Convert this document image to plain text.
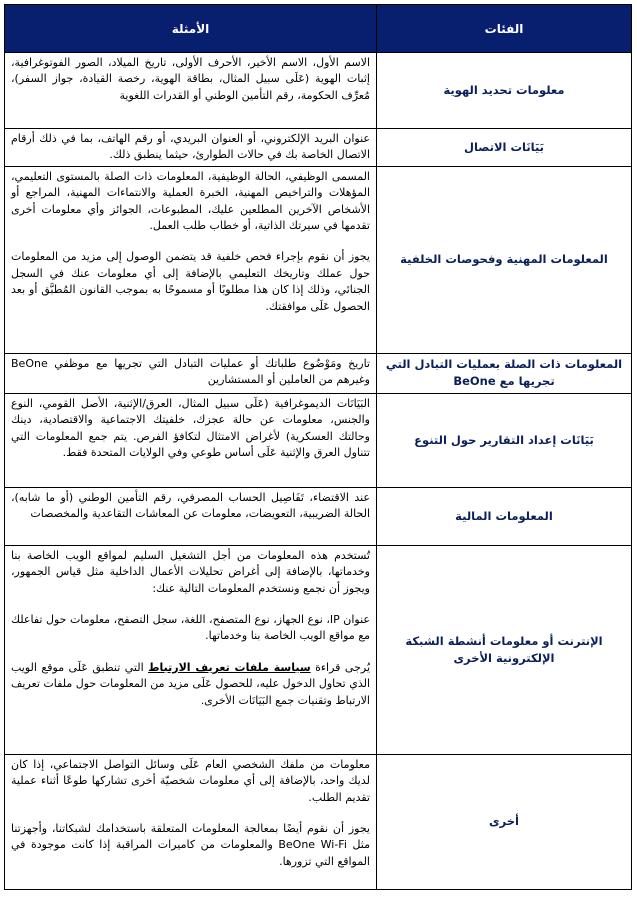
الفئات	الأمثلة
معلومات تحديد الهوية	الاسم الأول، الاسم الأخير، الأحرف الأولى، تاريخ الميلاد، الصور الفوتوغرافية، إثبات الهوية (عَلَى سبيل المثال، بطاقة الهوية، رخصة القيادة، جواز السفر)، مُعرِّف الحكومة، رقم التأمين الوطني أو القدرات اللغوية

بَيَانَات الاتصال	عنوان البريد الإلكتروني، أو العنوان البريدي، أو رقم الهاتف، بما في ذلك أرقام الاتصال الخاصة بك في حالات الطوارئ، حيثما ينطبق ذلك.

المعلومات المهنية وفحوصات الخلفية	المسمى الوظيفي، الحالة الوظيفية، المعلومات ذات الصلة بالمستوى التعليمي، المؤهلات والتراخيص المهنية، الخبرة العملية والانتماءات المهنية، المراجع أو الأشخاص الآخرين المطلعين عليك، المطبوعات، الجوائز وأي معلومات أخرى تقدمها في سيرتك الذاتية، أو خطاب طلب العمل.

يجوز أن نقوم بإجراء فحص خلفية قد يتضمن الوصول إلى مزيد من المعلومات حول عملك وتاريخك التعليمي بالإضافة إلى أي معلومات عنك في السجل الجنائي، وذلك إذا كان هذا مطلوبًا أو مسموحًا به بموجب القانون المُطبَّق أو بعد الحصول عَلَى موافقتك.

المعلومات ذات الصلة بعمليات التبادل التي تجريها مع BeOne	تاريخ ومَوْضُوع طلباتك أو عمليات التبادل التي تجريها مع موظفي BeOne وغيرهم من العاملين أو المستشارين

بَيَانَات إعداد التقارير حول التنوع	البَيَانَات الديموغرافية (عَلَى سبيل المثال، العرق/الإثنية، الأصل القومي، النوع والجنس، معلومات عن حالة عجزك، خلفيتك الاجتماعية والاقتصادية، دينك وحالتك العسكرية) لأغراض الامتثال لتكافؤ الفرص. يتم جمع المعلومات التي تتناول العرق والإثنية عَلَى أساس طوعي وفي الولايات المتحدة فقط.

المعلومات المالية	عند الاقتضاء، تَفَاصِيل الحساب المصرفي، رقم التأمين الوطني (أو ما شابه)، الحالة الضريبية، التعويضات، معلومات عن المعاشات التقاعدية والمخصصات

الإنترنت أو معلومات أنشطة الشبكة الإلكترونية الأخرى	تُستخدم هذه المعلومات من أجل التشغيل السليم لمواقع الويب الخاصة بنا وخدماتها، بالإضافة إلى أغراض تحليلات الأعمال الداخلية مثل قياس الجمهور، ويجوز أن نجمع ونستخدم المعلومات التالية عنك:

عنوان IP، نوع الجهاز، نوع المتصفح، اللغة، سجل التصفح، معلومات حول تفاعلك مع مواقع الويب الخاصة بنا وخدماتها.

يُرجى قراءة سياسة ملفات تعريف الارتباط التي تنطبق عَلَى موقع الويب الذي تحاول الدخول عليه، للحصول عَلَى مزيد من المعلومات حول ملفات تعريف الارتباط وتقنيات جمع البَيَانَات الأخرى.

أخرى	معلومات من ملفك الشخصي العام عَلَى وسائل التواصل الاجتماعي، إذا كان لديك واحد، بالإضافة إلى أي معلومات شخصيّة أخرى تشاركها طوعًا أثناء عملية تقديم الطلب.

يجوز أن نقوم أيضًا بمعالجة المعلومات المتعلقة باستخدامك لشبكاتنا، وأجهزتنا مثل BeOne Wi-Fi والمعلومات من كاميرات المراقبة إذا كانت موجودة في المواقع التي تزورها.
